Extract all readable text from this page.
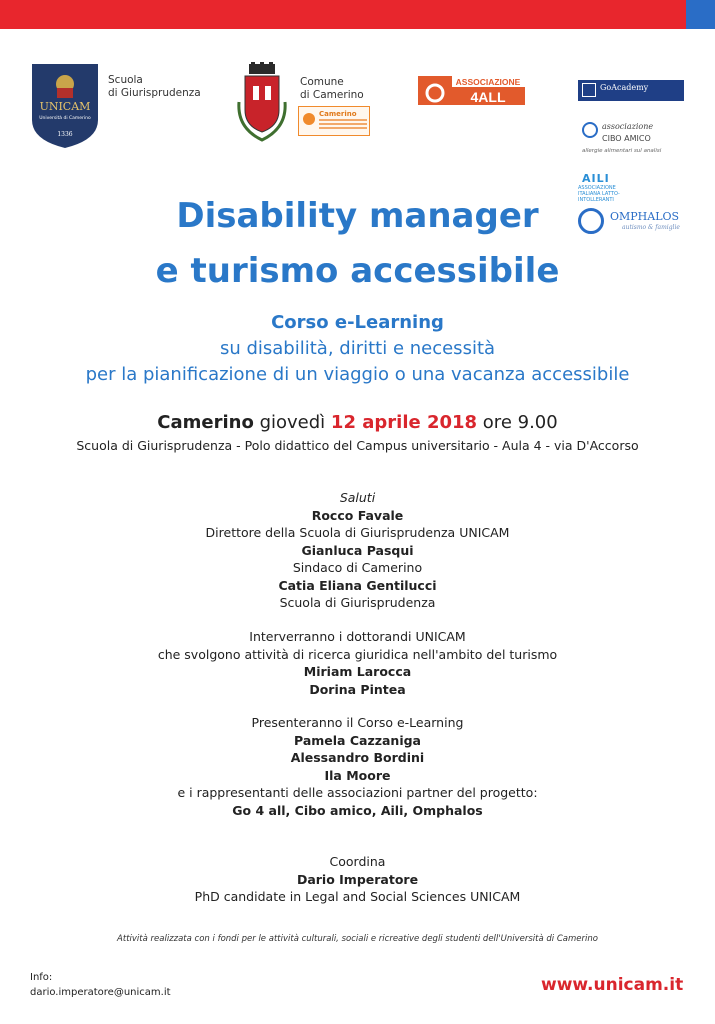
UNICAM
Università di Camerino
1336
Scuola
di Giurisprudenza
Comune
di Camerino
Camerino
ASSOCIAZIONE
4ALL
GoAcademy
associazione
CIBO AMICO
allergie alimentari sul analisi
AILI
ASSOCIAZIONE ITALIANA LATTO-INTOLLERANTI
OMPHALOS
autismo & famiglie
Disability manager
e turismo accessibile
Corso e-Learning
su disabilità, diritti e necessità
per la pianificazione di un viaggio o una vacanza accessibile
Camerino giovedì 12 aprile 2018 ore 9.00
Scuola di Giurisprudenza - Polo didattico del Campus universitario - Aula 4 - via D'Accorso
Saluti
Rocco Favale
Direttore della Scuola di Giurisprudenza UNICAM
Gianluca Pasqui
Sindaco di Camerino
Catia Eliana Gentilucci
Scuola di Giurisprudenza
Interverranno i dottorandi UNICAM
che svolgono attività di ricerca giuridica nell'ambito del turismo
Miriam Larocca
Dorina Pintea
Presenteranno il Corso e-Learning
Pamela Cazzaniga
Alessandro Bordini
Ila Moore
e i rappresentanti delle associazioni partner del progetto:
Go 4 all, Cibo amico, Aili, Omphalos
Coordina
Dario Imperatore
PhD candidate in Legal and Social Sciences UNICAM
Attività realizzata con i fondi per le attività culturali, sociali e ricreative degli studenti dell'Università di Camerino
Info:
dario.imperatore@unicam.it	www.unicam.it
